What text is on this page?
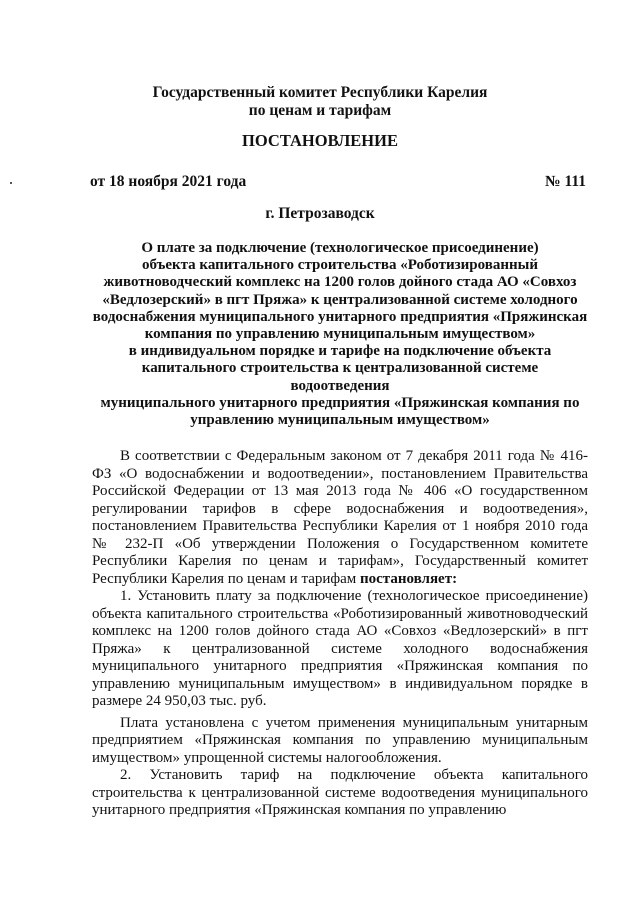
Государственный комитет Республики Карелия
по ценам и тарифам
ПОСТАНОВЛЕНИЕ
от 18 ноября 2021 года	№ 111
г. Петрозаводск
О плате за подключение (технологическое присоединение)
объекта капитального строительства «Роботизированный
животноводческий комплекс на 1200 голов дойного стада АО «Совхоз
«Ведлозерский» в пгт Пряжа» к централизованной системе холодного
водоснабжения муниципального унитарного предприятия «Пряжинская
компания по управлению муниципальным имуществом»
в индивидуальном порядке и тарифе на подключение объекта
капитального строительства к централизованной системе водоотведения
муниципального унитарного предприятия «Пряжинская компания по
управлению муниципальным имуществом»

В соответствии с Федеральным законом от 7 декабря 2011 года № 416-ФЗ «О водоснабжении и водоотведении», постановлением Правительства Российской Федерации от 13 мая 2013 года № 406 «О государственном регулировании тарифов в сфере водоснабжения и водоотведения», постановлением Правительства Республики Карелия от 1 ноября 2010 года № 232-П «Об утверждении Положения о Государственном комитете Республики Карелия по ценам и тарифам», Государственный комитет Республики Карелия по ценам и тарифам постановляет:

1. Установить плату за подключение (технологическое присоединение) объекта капитального строительства «Роботизированный животноводческий комплекс на 1200 голов дойного стада АО «Совхоз «Ведлозерский» в пгт Пряжа» к централизованной системе холодного водоснабжения муниципального унитарного предприятия «Пряжинская компания по управлению муниципальным имуществом» в индивидуальном порядке в размере 24 950,03 тыс. руб.

Плата установлена с учетом применения муниципальным унитарным предприятием «Пряжинская компания по управлению муниципальным имуществом» упрощенной системы налогообложения.

2. Установить тариф на подключение объекта капитального строительства к централизованной системе водоотведения муниципального унитарного предприятия «Пряжинская компания по управлению
